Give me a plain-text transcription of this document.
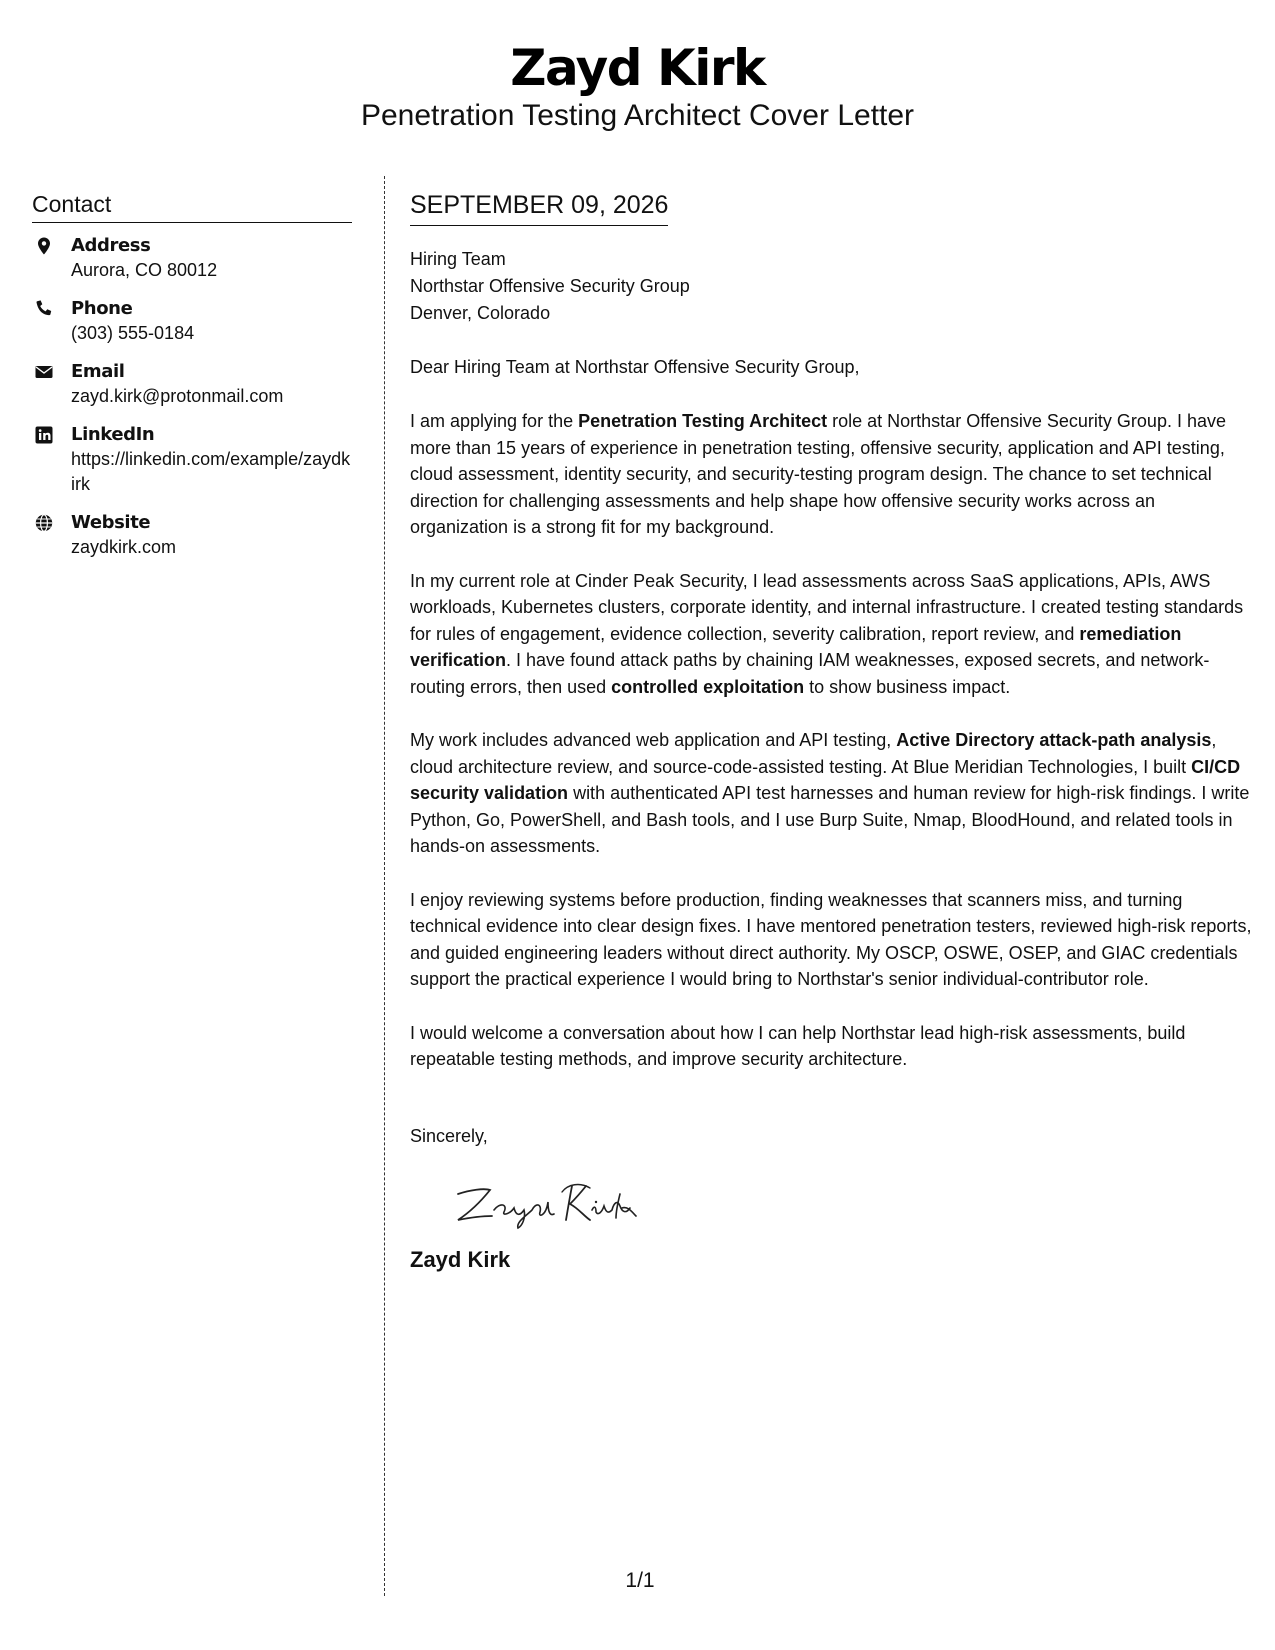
Zayd Kirk
Penetration Testing Architect Cover Letter
Contact
Address
Aurora, CO 80012
Phone
(303) 555-0184
Email
zayd.kirk@protonmail.com
LinkedIn
https://linkedin.com/example/zaydkirk
Website
zaydkirk.com
SEPTEMBER 09, 2026
Hiring Team
Northstar Offensive Security Group
Denver, Colorado
Dear Hiring Team at Northstar Offensive Security Group,

I am applying for the Penetration Testing Architect role at Northstar Offensive Security Group. I have more than 15 years of experience in penetration testing, offensive security, application and API testing, cloud assessment, identity security, and security-testing program design. The chance to set technical direction for challenging assessments and help shape how offensive security works across an organization is a strong fit for my background.

In my current role at Cinder Peak Security, I lead assessments across SaaS applications, APIs, AWS workloads, Kubernetes clusters, corporate identity, and internal infrastructure. I created testing standards for rules of engagement, evidence collection, severity calibration, report review, and remediation verification. I have found attack paths by chaining IAM weaknesses, exposed secrets, and network-routing errors, then used controlled exploitation to show business impact.

My work includes advanced web application and API testing, Active Directory attack-path analysis, cloud architecture review, and source-code-assisted testing. At Blue Meridian Technologies, I built CI/CD security validation with authenticated API test harnesses and human review for high-risk findings. I write Python, Go, PowerShell, and Bash tools, and I use Burp Suite, Nmap, BloodHound, and related tools in hands-on assessments.

I enjoy reviewing systems before production, finding weaknesses that scanners miss, and turning technical evidence into clear design fixes. I have mentored penetration testers, reviewed high-risk reports, and guided engineering leaders without direct authority. My OSCP, OSWE, OSEP, and GIAC credentials support the practical experience I would bring to Northstar's senior individual-contributor role.

I would welcome a conversation about how I can help Northstar lead high-risk assessments, build repeatable testing methods, and improve security architecture.

Sincerely,
Zayd Kirk
1/1
